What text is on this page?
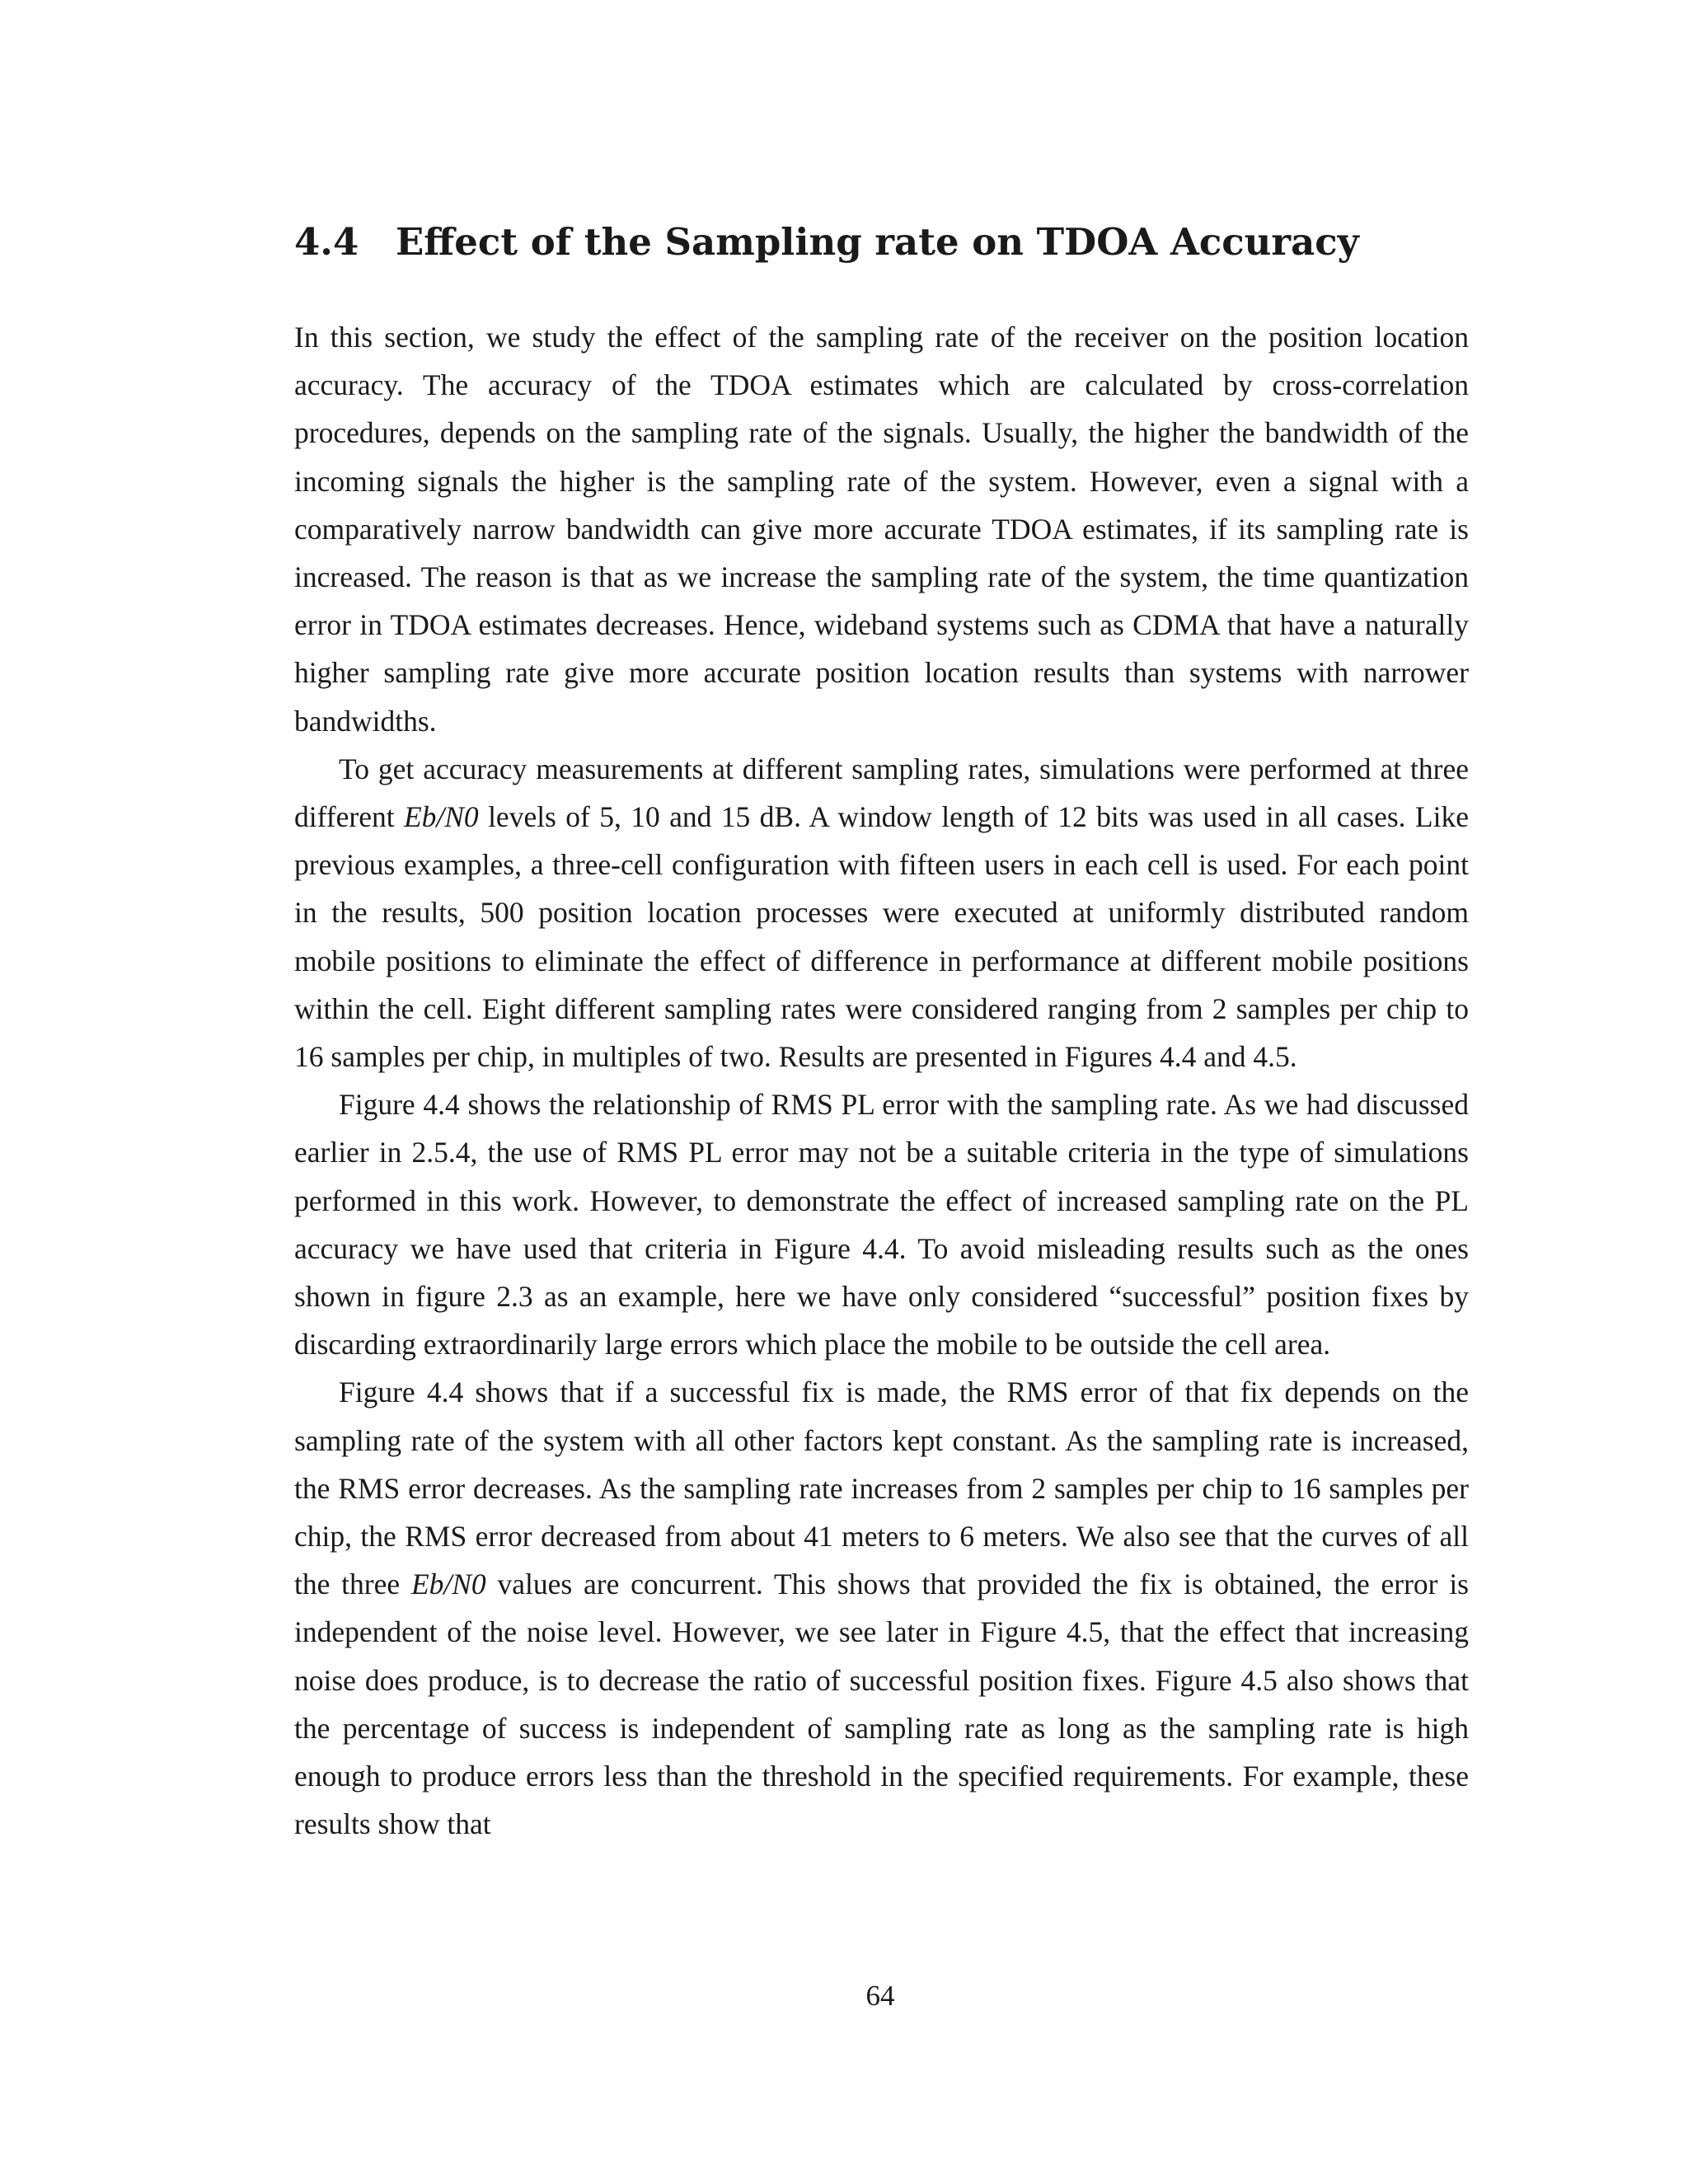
4.4 Effect of the Sampling rate on TDOA Accuracy

In this section, we study the effect of the sampling rate of the receiver on the position location accuracy. The accuracy of the TDOA estimates which are calculated by cross-correlation procedures, depends on the sampling rate of the signals. Usually, the higher the bandwidth of the incoming signals the higher is the sampling rate of the system. However, even a signal with a comparatively narrow bandwidth can give more accurate TDOA estimates, if its sampling rate is increased. The reason is that as we increase the sampling rate of the system, the time quantization error in TDOA estimates decreases. Hence, wideband systems such as CDMA that have a naturally higher sampling rate give more accurate position location results than systems with narrower bandwidths.

To get accuracy measurements at different sampling rates, simulations were performed at three different Eb/N0 levels of 5, 10 and 15 dB. A window length of 12 bits was used in all cases. Like previous examples, a three-cell configuration with fifteen users in each cell is used. For each point in the results, 500 position location processes were executed at uniformly distributed random mobile positions to eliminate the effect of difference in performance at different mobile positions within the cell. Eight different sampling rates were considered ranging from 2 samples per chip to 16 samples per chip, in multiples of two. Results are presented in Figures 4.4 and 4.5.

Figure 4.4 shows the relationship of RMS PL error with the sampling rate. As we had discussed earlier in 2.5.4, the use of RMS PL error may not be a suitable criteria in the type of simulations performed in this work. However, to demonstrate the effect of increased sampling rate on the PL accuracy we have used that criteria in Figure 4.4. To avoid misleading results such as the ones shown in figure 2.3 as an example, here we have only considered “successful” position fixes by discarding extraordinarily large errors which place the mobile to be outside the cell area.

Figure 4.4 shows that if a successful fix is made, the RMS error of that fix depends on the sampling rate of the system with all other factors kept constant. As the sampling rate is increased, the RMS error decreases. As the sampling rate increases from 2 samples per chip to 16 samples per chip, the RMS error decreased from about 41 meters to 6 meters. We also see that the curves of all the three Eb/N0 values are concurrent. This shows that provided the fix is obtained, the error is independent of the noise level. However, we see later in Figure 4.5, that the effect that increasing noise does produce, is to decrease the ratio of successful position fixes. Figure 4.5 also shows that the percentage of success is independent of sampling rate as long as the sampling rate is high enough to produce errors less than the threshold in the specified requirements. For example, these results show that

64
